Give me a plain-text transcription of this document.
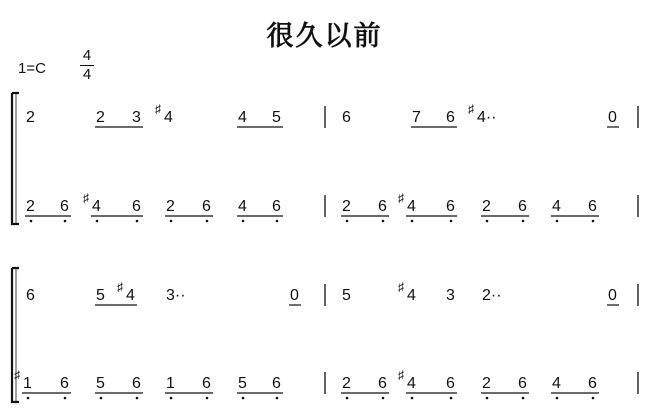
很久以前
1=C
4
4
2	2 3 ♯ 4	4 5	6	7 6 ♯ 4··	0
2 6 ♯ 4 6 2 6 4 6	2 6 ♯ 4 6 2 6 4 6
6	5 ♯ 4 3··	0	5	♯ 4 3 2··	0
♯ 1 6 5 6 1 6 5 6	2 6 ♯ 4 6 2 6 4 6
